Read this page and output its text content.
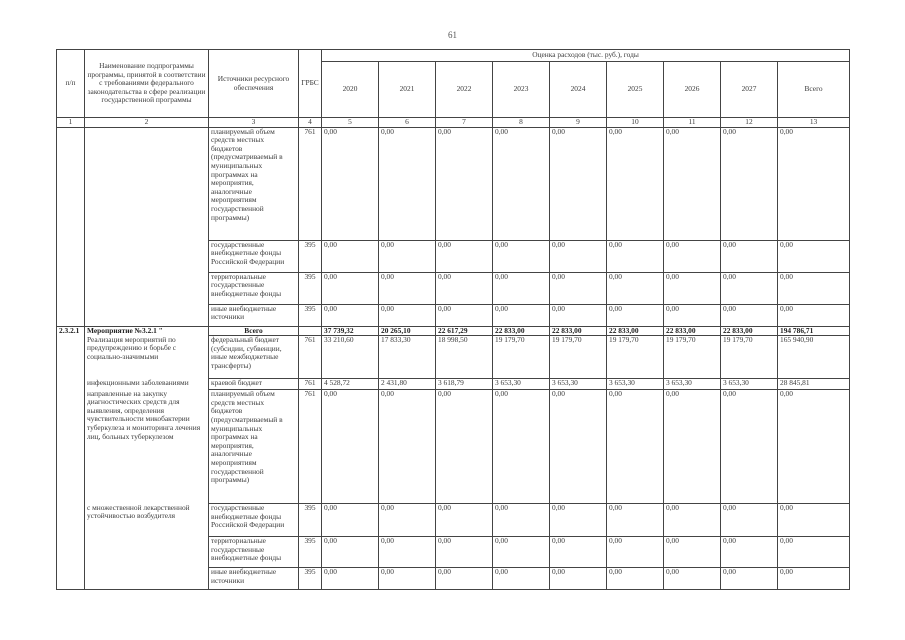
61
п/п	Наименование подпрограммы программы, принятой в соответствии с требованиями федерального законодательства в сфере реализации государственной программы	Источники ресурсного обеспечения	ГРБС	Оценка расходов (тыс. руб.), годы								
				2020	2021	2022	2023	2024	2025	2026	2027	Всего
1	2	3	4	5	6	7	8	9	10	11	12	13
		планируемый объем средств местных бюджетов (предусматриваемый в муниципальных программах на мероприятия, аналогичные мероприятиям государственной программы)	761	0,00	0,00	0,00	0,00	0,00	0,00	0,00	0,00	0,00
		государственные внебюджетные фонды Российской Федерации	395	0,00	0,00	0,00	0,00	0,00	0,00	0,00	0,00	0,00
		территориальные государственные внебюджетные фонды	395	0,00	0,00	0,00	0,00	0,00	0,00	0,00	0,00	0,00
		иные внебюджетные источники	395	0,00	0,00	0,00	0,00	0,00	0,00	0,00	0,00	0,00
2.3.2.1	Мероприятие №3.2.1 "	Всего		37 739,32	20 265,10	22 617,29	22 833,00	22 833,00	22 833,00	22 833,00	22 833,00	194 786,71
	Реализация мероприятий по предупреждению и борьбе с социально-значимыми	федеральный бюджет (субсидии, субвенции, иные межбюджетные трансферты)	761	33 210,60	17 833,30	18 998,50	19 179,70	19 179,70	19 179,70	19 179,70	19 179,70	165 940,90
	инфекционными заболеваниями	краевой бюджет	761	4 528,72	2 431,80	3 618,79	3 653,30	3 653,30	3 653,30	3 653,30	3 653,30	28 845,81
	направленные на закупку диагностических средств для выявления, определения чувствительности микобактерии туберкулеза и мониторинга лечения лиц, больных туберкулезом	планируемый объем средств местных бюджетов (предусматриваемый в муниципальных программах на мероприятия, аналогичные мероприятиям государственной программы)	761	0,00	0,00	0,00	0,00	0,00	0,00	0,00	0,00	0,00
	с множественной лекарственной устойчивостью возбудителя	государственные внебюджетные фонды Российской Федерации	395	0,00	0,00	0,00	0,00	0,00	0,00	0,00	0,00	0,00
		территориальные государственные внебюджетные фонды	395	0,00	0,00	0,00	0,00	0,00	0,00	0,00	0,00	0,00
		иные внебюджетные источники	395	0,00	0,00	0,00	0,00	0,00	0,00	0,00	0,00	0,00
